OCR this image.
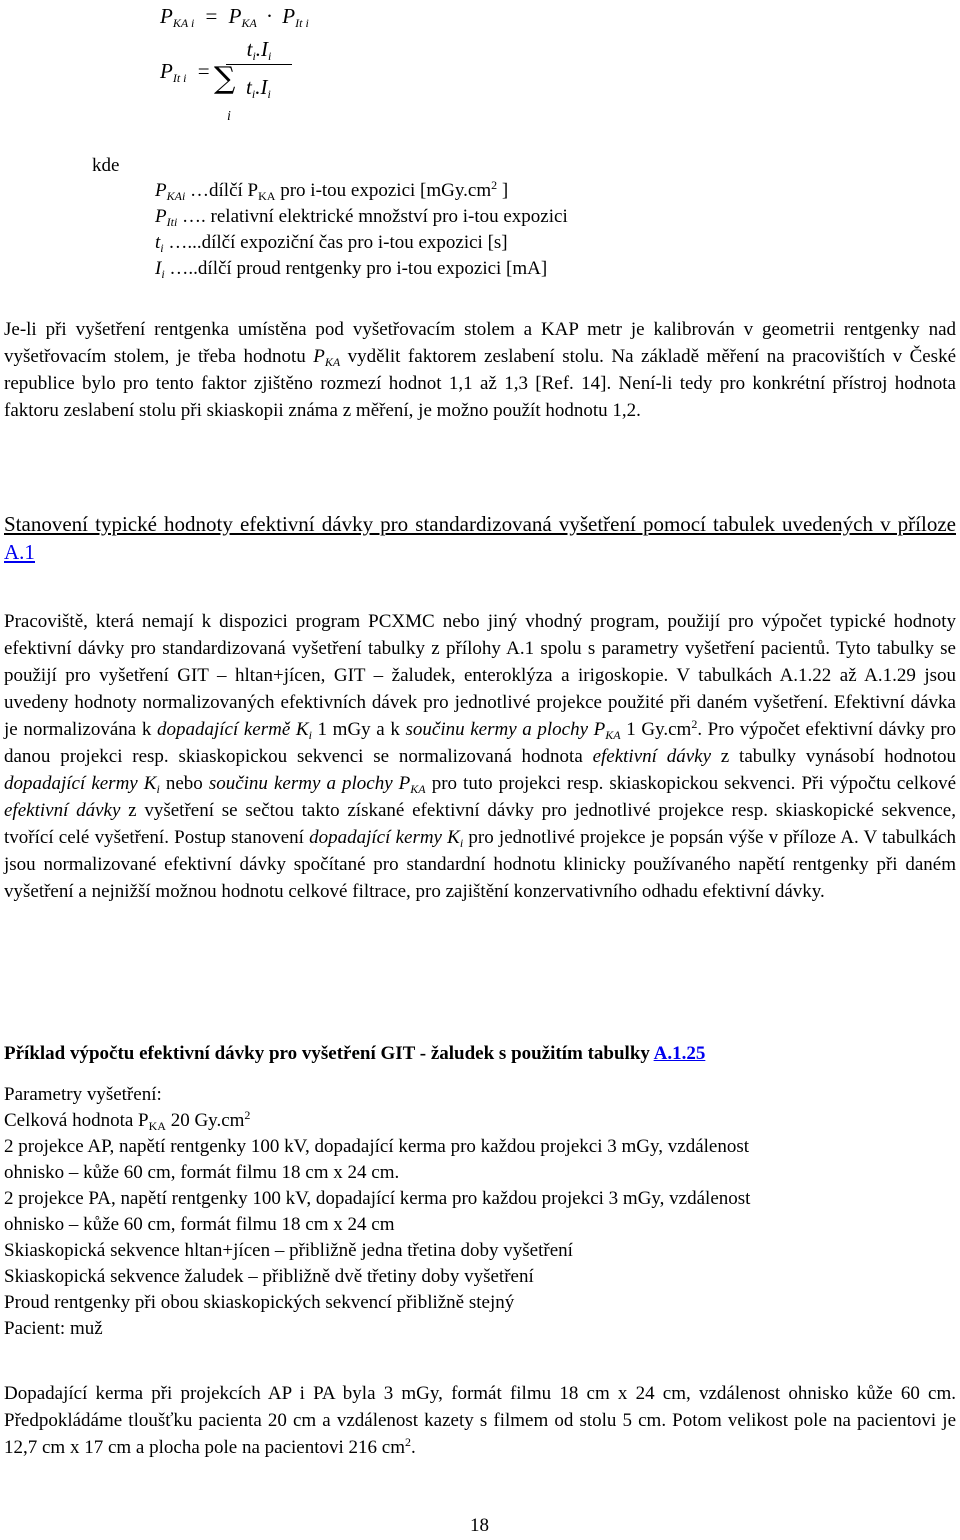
$P_{KA i} = P_{KA} \cdot P_{It i}$
$P_{It i}$ =
$t_i.I_i$
∑ $t_i.I_i$
i
kde
$P_{KAi}$ …dílčí $P_{KA}$ pro i-tou expozici [$mGy.cm^2$ ]
$P_{Iti}$ …. relativní elektrické množství pro i-tou expozici
$t_i$ …...dílčí expoziční čas pro i-tou expozici [s]
$I_i$ …..dílčí proud rentgenky pro i-tou expozici [mA]
Je-li při vyšetření rentgenka umístěna pod vyšetřovacím stolem a KAP metr je kalibrován v geometrii rentgenky nad vyšetřovacím stolem, je třeba hodnotu $P_{KA}$ vydělit faktorem zeslabení stolu. Na základě měření na pracovištích v České republice bylo pro tento faktor zjištěno rozmezí hodnot 1,1 až 1,3 [Ref. 14]. Není-li tedy pro konkrétní přístroj hodnota faktoru zeslabení stolu při skiaskopii známa z měření, je možno použít hodnotu 1,2.
Stanovení typické hodnoty efektivní dávky pro standardizovaná vyšetření pomocí tabulek uvedených v příloze A.1
Pracoviště, která nemají k dispozici program PCXMC nebo jiný vhodný program, použijí pro výpočet typické hodnoty efektivní dávky pro standardizovaná vyšetření tabulky z přílohy A.1 spolu s parametry vyšetření pacientů. Tyto tabulky se použijí pro vyšetření GIT – hltan+jícen, GIT – žaludek, enteroklýza a irigoskopie. V tabulkách A.1.22 až A.1.29 jsou uvedeny hodnoty normalizovaných efektivních dávek pro jednotlivé projekce použité při daném vyšetření. Efektivní dávka je normalizována k dopadající kermě $K_i$ 1 mGy a k součinu kermy a plochy $P_{KA}$ 1 $Gy.cm^2$. Pro výpočet efektivní dávky pro danou projekci resp. skiaskopickou sekvenci se normalizovaná hodnota efektivní dávky z tabulky vynásobí hodnotou dopadající kermy $K_i$ nebo součinu kermy a plochy $P_{KA}$ pro tuto projekci resp. skiaskopickou sekvenci. Při výpočtu celkové efektivní dávky z vyšetření se sečtou takto získané efektivní dávky pro jednotlivé projekce resp. skiaskopické sekvence, tvořící celé vyšetření. Postup stanovení dopadající kermy $K_i$ pro jednotlivé projekce je popsán výše v příloze A. V tabulkách jsou normalizované efektivní dávky spočítané pro standardní hodnotu klinicky používaného napětí rentgenky při daném vyšetření a nejnižší možnou hodnotu celkové filtrace, pro zajištění konzervativního odhadu efektivní dávky.
Příklad výpočtu efektivní dávky pro vyšetření GIT - žaludek s použitím tabulky A.1.25
Parametry vyšetření:
Celková hodnota $P_{KA}$ 20 $Gy.cm^2$
2 projekce AP, napětí rentgenky 100 kV, dopadající kerma pro každou projekci 3 mGy, vzdálenost
ohnisko – kůže 60 cm, formát filmu 18 cm x 24 cm.
2 projekce PA, napětí rentgenky 100 kV, dopadající kerma pro každou projekci 3 mGy, vzdálenost
ohnisko – kůže 60 cm, formát filmu 18 cm x 24 cm
Skiaskopická sekvence hltan+jícen – přibližně jedna třetina doby vyšetření
Skiaskopická sekvence žaludek – přibližně dvě třetiny doby vyšetření
Proud rentgenky při obou skiaskopických sekvencí přibližně stejný
Pacient: muž
Dopadající kerma při projekcích AP i PA byla 3 mGy, formát filmu 18 cm x 24 cm, vzdálenost ohnisko kůže 60 cm. Předpokládáme tloušťku pacienta 20 cm a vzdálenost kazety s filmem od stolu 5 cm. Potom velikost pole na pacientovi je 12,7 cm x 17 cm a plocha pole na pacientovi 216 $cm^2$.
18
